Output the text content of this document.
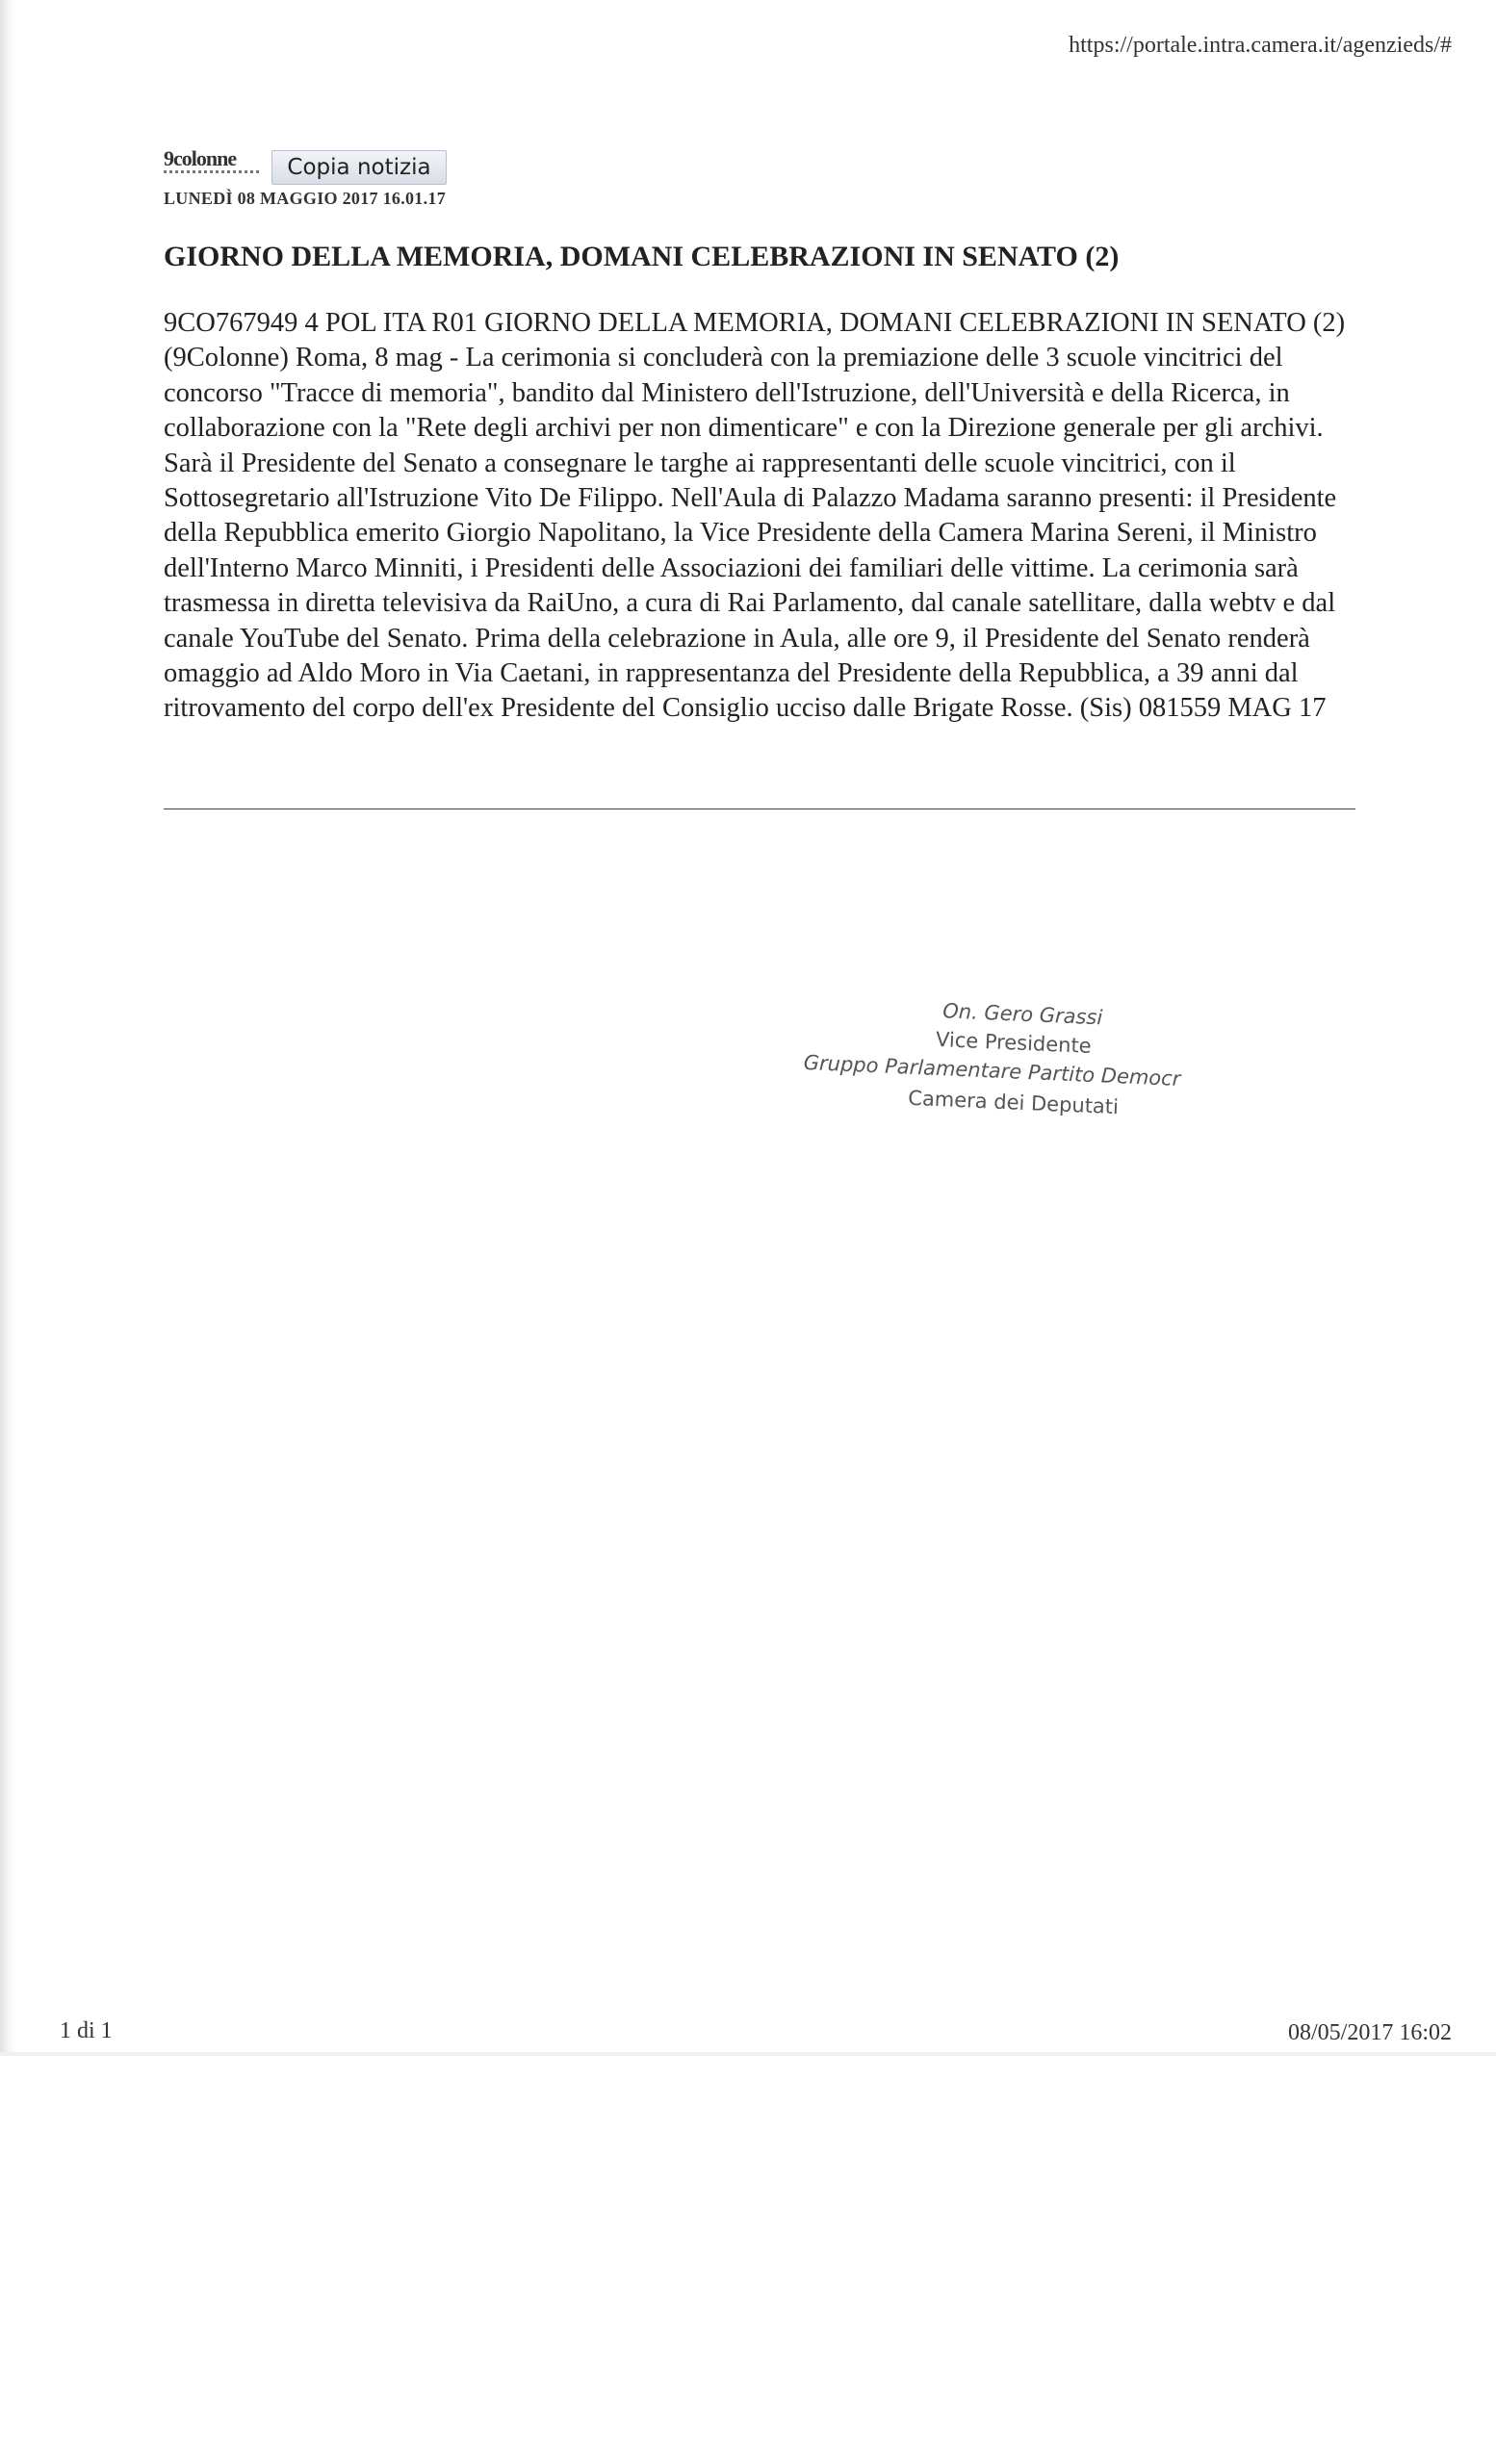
https://portale.intra.camera.it/agenzieds/#
9colonne	Copia notizia
LUNEDÌ 08 MAGGIO 2017 16.01.17
GIORNO DELLA MEMORIA, DOMANI CELEBRAZIONI IN SENATO (2)
9CO767949 4 POL ITA R01 GIORNO DELLA MEMORIA, DOMANI CELEBRAZIONI IN SENATO (2) (9Colonne) Roma, 8 mag - La cerimonia si concluderà con la premiazione delle 3 scuole vincitrici del concorso "Tracce di memoria", bandito dal Ministero dell'Istruzione, dell'Università e della Ricerca, in collaborazione con la "Rete degli archivi per non dimenticare" e con la Direzione generale per gli archivi. Sarà il Presidente del Senato a consegnare le targhe ai rappresentanti delle scuole vincitrici, con il Sottosegretario all'Istruzione Vito De Filippo. Nell'Aula di Palazzo Madama saranno presenti: il Presidente della Repubblica emerito Giorgio Napolitano, la Vice Presidente della Camera Marina Sereni, il Ministro dell'Interno Marco Minniti, i Presidenti delle Associazioni dei familiari delle vittime. La cerimonia sarà trasmessa in diretta televisiva da RaiUno, a cura di Rai Parlamento, dal canale satellitare, dalla webtv e dal canale YouTube del Senato. Prima della celebrazione in Aula, alle ore 9, il Presidente del Senato renderà omaggio ad Aldo Moro in Via Caetani, in rappresentanza del Presidente della Repubblica, a 39 anni dal ritrovamento del corpo dell'ex Presidente del Consiglio ucciso dalle Brigate Rosse. (Sis) 081559 MAG 17
On. Gero Grassi
Vice Presidente
Gruppo Parlamentare Partito Democr
Camera dei Deputati
1 di 1	08/05/2017 16:02
